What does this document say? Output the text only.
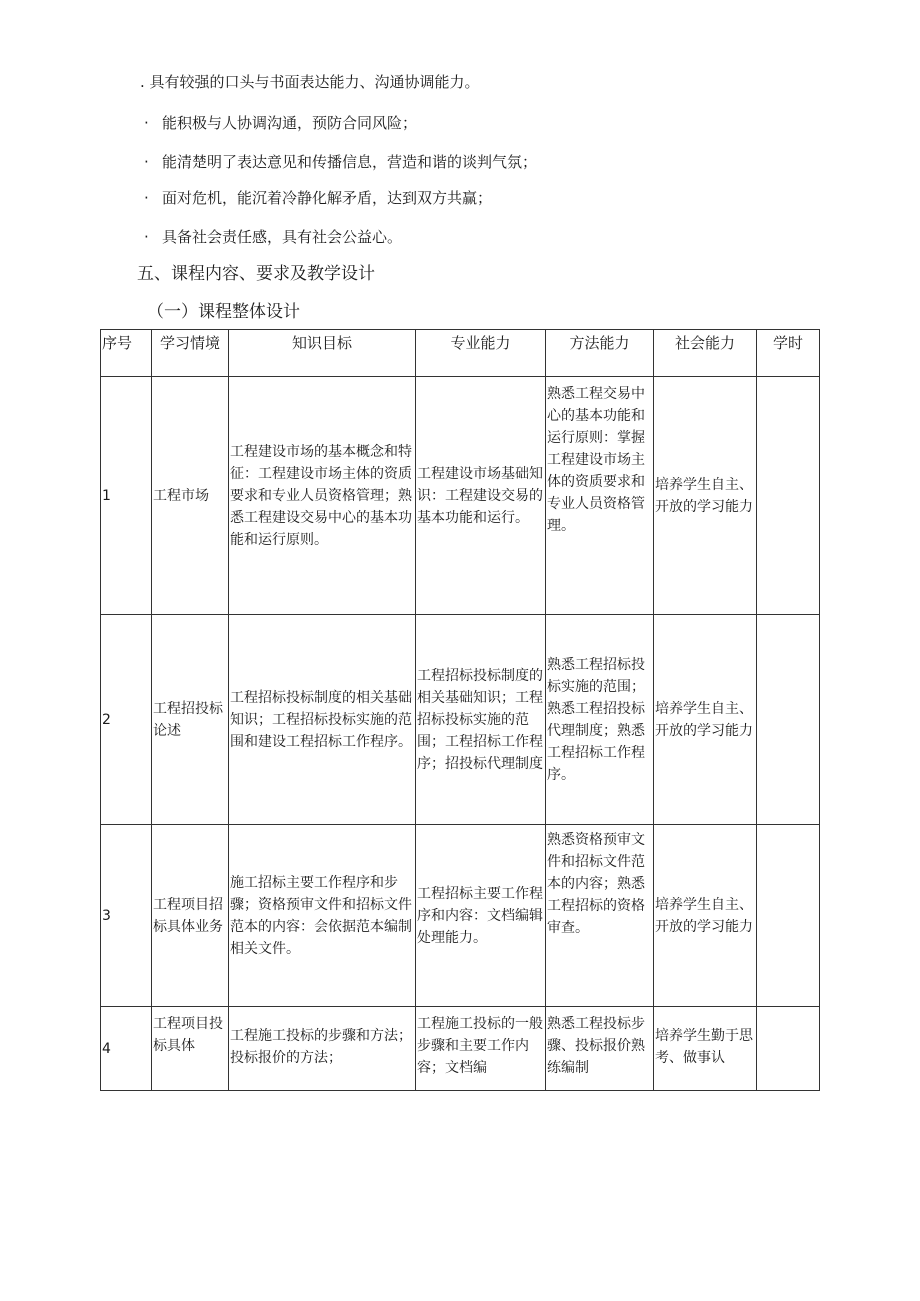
. 具有较强的口头与书面表达能力、沟通协调能力。
· 能积极与人协调沟通，预防合同风险；
· 能清楚明了表达意见和传播信息，营造和谐的谈判气氛；
· 面对危机，能沉着冷静化解矛盾，达到双方共赢；
· 具备社会责任感，具有社会公益心。
五、课程内容、要求及教学设计
（一）课程整体设计
序号	学习情境	知识目标	专业能力	方法能力	社会能力	学时
1	工程市场	工程建设市场的基本概念和特征：工程建设市场主体的资质要求和专业人员资格管理；熟悉工程建设交易中心的基本功能和运行原则。	工程建设市场基础知识：工程建设交易的基本功能和运行。	熟悉工程交易中心的基本功能和运行原则：掌握工程建设市场主体的资质要求和专业人员资格管理。	培养学生自主、开放的学习能力	
2	工程招投标论述	工程招标投标制度的相关基础知识；工程招标投标实施的范围和建设工程招标工作程序。	工程招标投标制度的相关基础知识；工程招标投标实施的范围；工程招标工作程序；招投标代理制度	熟悉工程招标投标实施的范围；熟悉工程招投标代理制度；熟悉工程招标工作程序。	培养学生自主、开放的学习能力	
3	工程项目招标具体业务	施工招标主要工作程序和步骤；资格预审文件和招标文件范本的内容：会依据范本编制相关文件。	工程招标主要工作程序和内容：文档编辑处理能力。	熟悉资格预审文件和招标文件范本的内容；熟悉工程招标的资格审查。	培养学生自主、开放的学习能力	
4	工程项目投标具体	工程施工投标的步骤和方法；投标报价的方法；	工程施工投标的一般步骤和主要工作内容；文档编	熟悉工程投标步骤、投标报价熟练编制	培养学生勤于思考、做事认	
